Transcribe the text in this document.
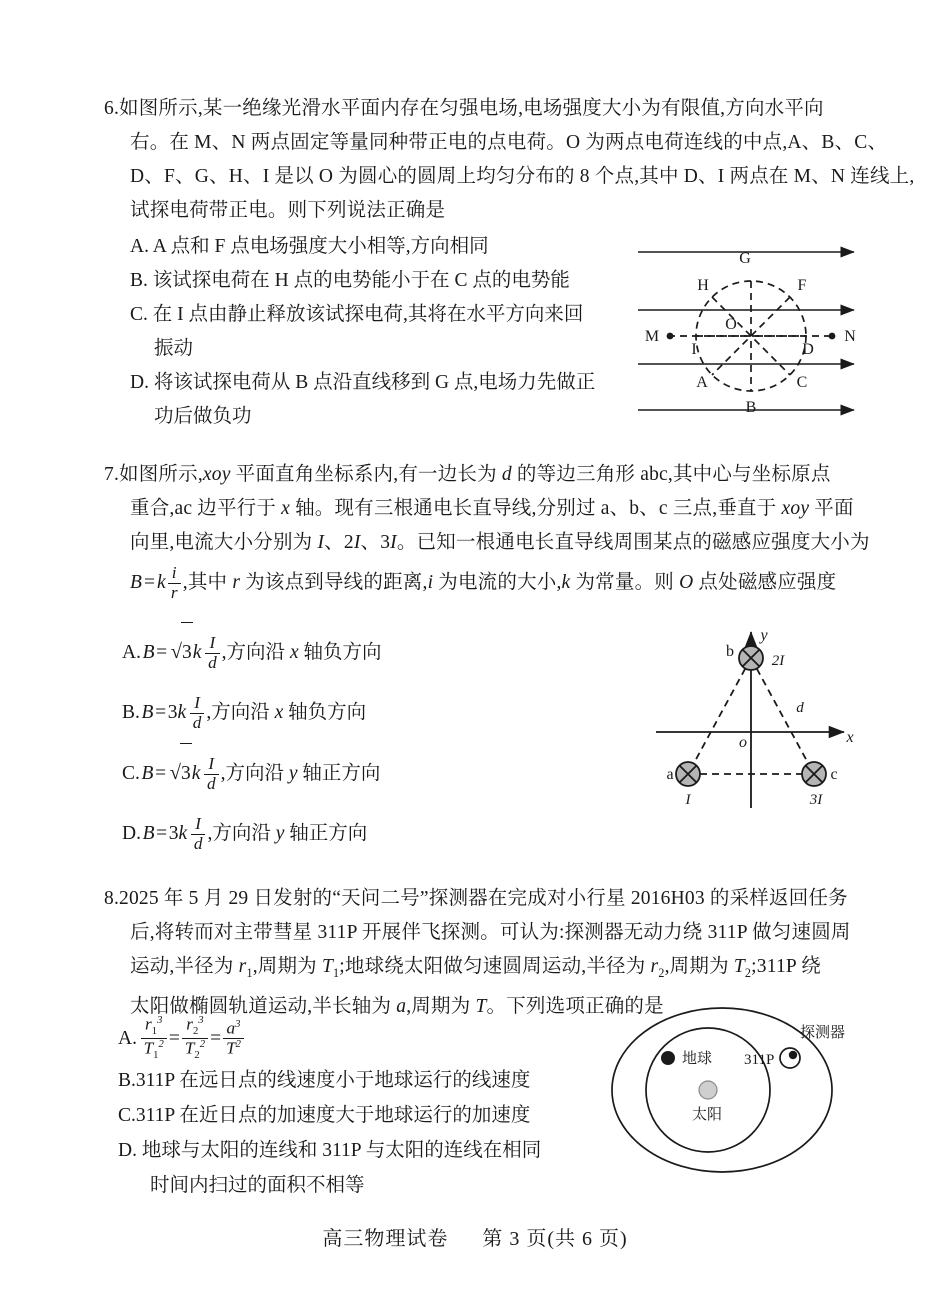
6.如图所示,某一绝缘光滑水平面内存在匀强电场,电场强度大小为有限值,方向水平向
右。在 M、N 两点固定等量同种带正电的点电荷。O 为两点电荷连线的中点,A、B、C、
D、F、G、H、I 是以 O 为圆心的圆周上均匀分布的 8 个点,其中 D、I 两点在 M、N 连线上,
试探电荷带正电。则下列说法正确是
A. A 点和 F 点电场强度大小相等,方向相同
B. 该试探电荷在 H 点的电势能小于在 C 点的电势能
C. 在 I 点由静止释放该试探电荷,其将在水平方向来回
振动
D. 将该试探电荷从 B 点沿直线移到 G 点,电场力先做正
功后做负功
G
H	F
M
O
N
I	D
A	C
B
7.如图所示,xoy 平面直角坐标系内,有一边长为 d 的等边三角形 abc,其中心与坐标原点
重合,ac 边平行于 x 轴。现有三根通电长直导线,分别过 a、b、c 三点,垂直于 xoy 平面
向里,电流大小分别为 I、2I、3I。已知一根通电长直导线周围某点的磁感应强度大小为
B = k $\frac{i}{r}$ ,其中 r 为该点到导线的距离,i 为电流的大小,k 为常量。则 O 点处磁感应强度
A. B = √3k  $\frac{I}{d}$ ,方向沿 x 轴负方向
B. B = 3k  $\frac{I}{d}$ ,方向沿 x 轴负方向
C. B = √3k  $\frac{I}{d}$ ,方向沿 y 轴正方向
D. B = 3k  $\frac{I}{d}$ ,方向沿 y 轴正方向
b
a	c
o	x
y
2I
I	3I
d
8.2025 年 5 月 29 日发射的“天问二号”探测器在完成对小行星 2016H03 的采样返回任务
后,将转而对主带彗星 311P 开展伴飞探测。可认为:探测器无动力绕 311P 做匀速圆周
运动,半径为 $r_1$,周期为 $T_1$;地球绕太阳做匀速圆周运动,半径为 $r_2$,周期为 $T_2;311P$ 绕
太阳做椭圆轨道运动,半长轴为 a,周期为 T。下列选项正确的是
A.  $\frac{r_1^3}{T_1^2} = \frac{r_2^3}{T_2^2} = \frac{a^3}{T^2}$
B.311P 在远日点的线速度小于地球运行的线速度
C.311P 在近日点的加速度大于地球运行的加速度
D. 地球与太阳的连线和 311P 与太阳的连线在相同
时间内扫过的面积不相等
地球
太阳
311P
探测器
高三物理试卷 第 3 页(共 6 页)
